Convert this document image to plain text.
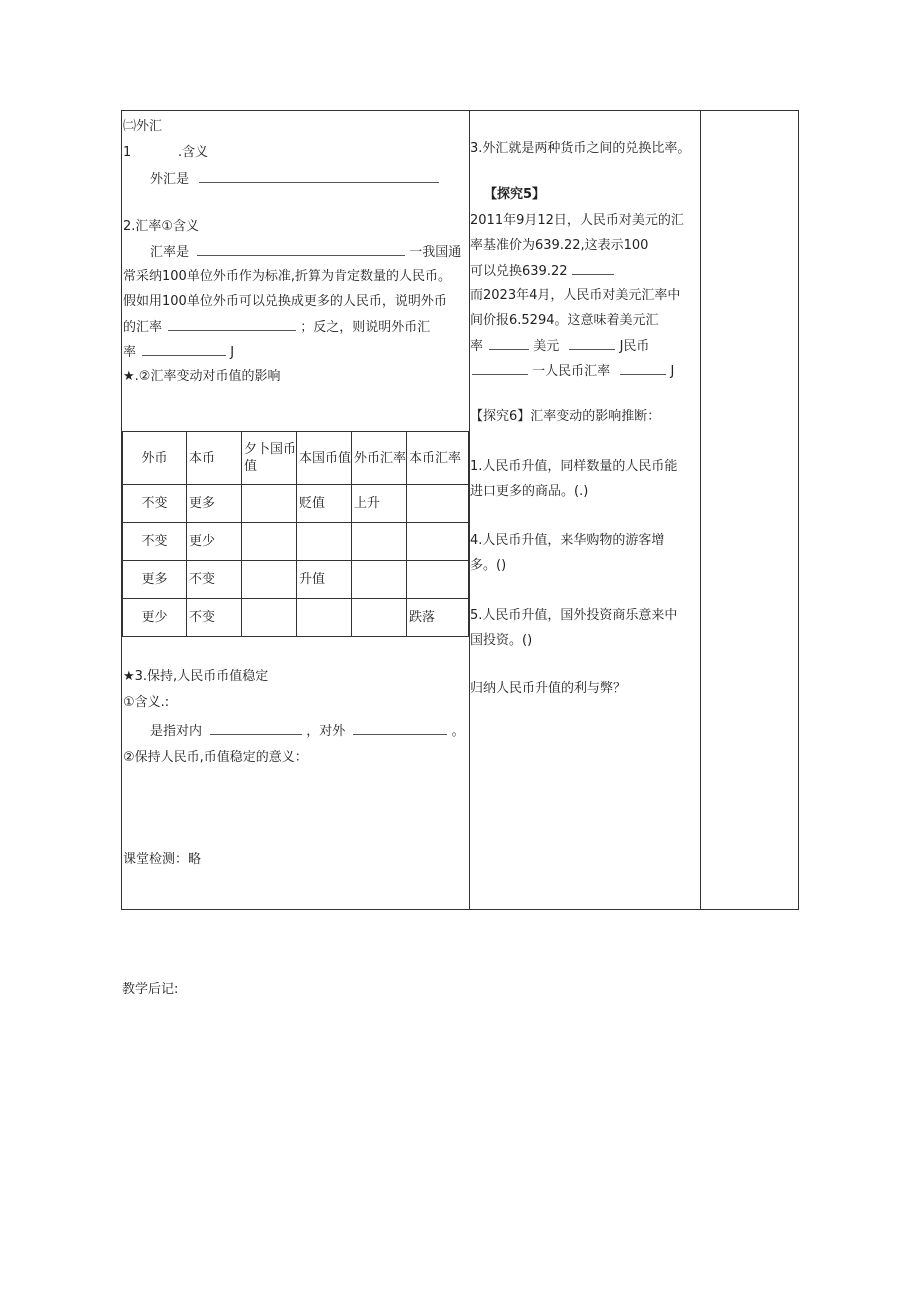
㈡外汇
1	.含义
外汇是
2.汇率①含义
汇率是	一我国通
常采纳100单位外币作为标准,折算为肯定数量的人民币。
假如用100单位外币可以兑换成更多的人民币，说明外币
的汇率	；反之，则说明外币汇
率	J
★.②汇率变动对币值的影响
外币	本币	夕卜国币值	本国币值	外币汇率	本币汇率
不变	更多		贬值	上升	
不变	更少				
更多	不变		升值		
更少	不变				跌落
★3.保持,人民币币值稳定
①含义.:
是指对内	，对外	。
②保持人民币,币值稳定的意义：
课堂检测：略
3.外汇就是两种货币之间的兑换比率。
【探究5】
2011年9月12日，人民币对美元的汇
率基准价为639.22,这表示100
可以兑换639.22
而2023年4月，人民币对美元汇率中
间价报6.5294。这意味着美元汇
率	美元	J民币
一人民币汇率	J
【探究6】汇率变动的影响推断：
1.人民币升值，同样数量的人民币能
进口更多的商品。(.)
4.人民币升值，来华购物的游客增
多。()
5.人民币升值，国外投资商乐意来中
国投资。()
归纳人民币升值的利与弊？
教学后记:
